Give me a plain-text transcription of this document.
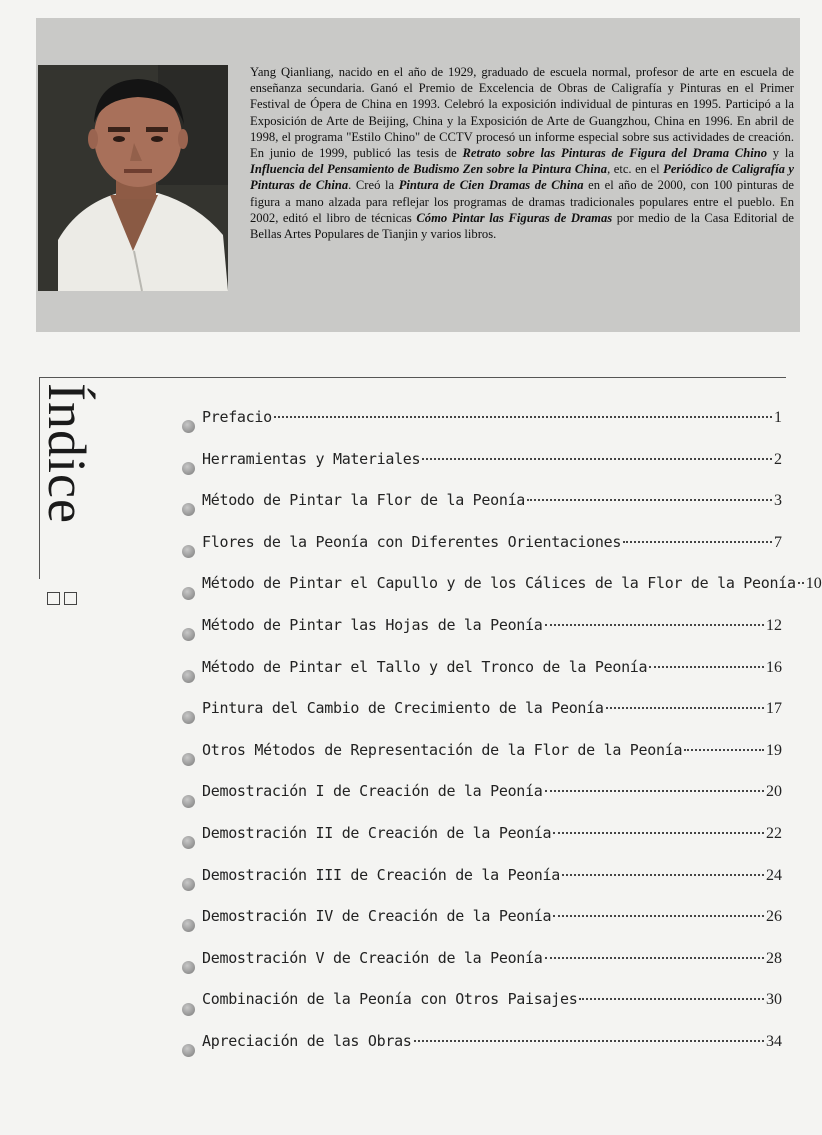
Yang Qianliang, nacido en el año de 1929, graduado de escuela normal, profesor de arte en escuela de enseñanza secundaria. Ganó el Premio de Excelencia de Obras de Caligrafía y Pinturas en el Primer Festival de Ópera de China en 1993. Celebró la exposición individual de pinturas en 1995. Participó a la Exposición de Arte de Beijing, China y la Exposición de Arte de Guangzhou, China en 1996. En abril de 1998, el programa "Estilo Chino" de CCTV procesó un informe especial sobre sus actividades de creación. En junio de 1999, publicó las tesis de Retrato sobre las Pinturas de Figura del Drama Chino y la Influencia del Pensamiento de Budismo Zen sobre la Pintura China, etc. en el Periódico de Caligrafía y Pinturas de China. Creó la Pintura de Cien Dramas de China en el año de 2000, con 100 pinturas de figura a mano alzada para reflejar los programas de dramas tradicionales populares entre el pueblo. En 2002, editó el libro de técnicas Cómo Pintar las Figuras de Dramas por medio de la Casa Editorial de Bellas Artes Populares de Tianjin y varios libros.

Índice	Prefacio	1
Herramientas y Materiales	2
Método de Pintar la Flor de la Peonía	3
Flores de la Peonía con Diferentes Orientaciones	7
Método de Pintar el Capullo y de los Cálices de la Flor de la Peonía 10
Método de Pintar las Hojas de la Peonía	12
Método de Pintar el Tallo y del Tronco de la Peonía	16
Pintura del Cambio de Crecimiento de la Peonía	17
Otros Métodos de Representación de la Flor de la Peonía	19
Demostración I de Creación de la Peonía	20
Demostración II de Creación de la Peonía	22
Demostración III de Creación de la Peonía	24
Demostración IV de Creación de la Peonía	26
Demostración V de Creación de la Peonía	28
Combinación de la Peonía con Otros Paisajes	30
Apreciación de las Obras	34
